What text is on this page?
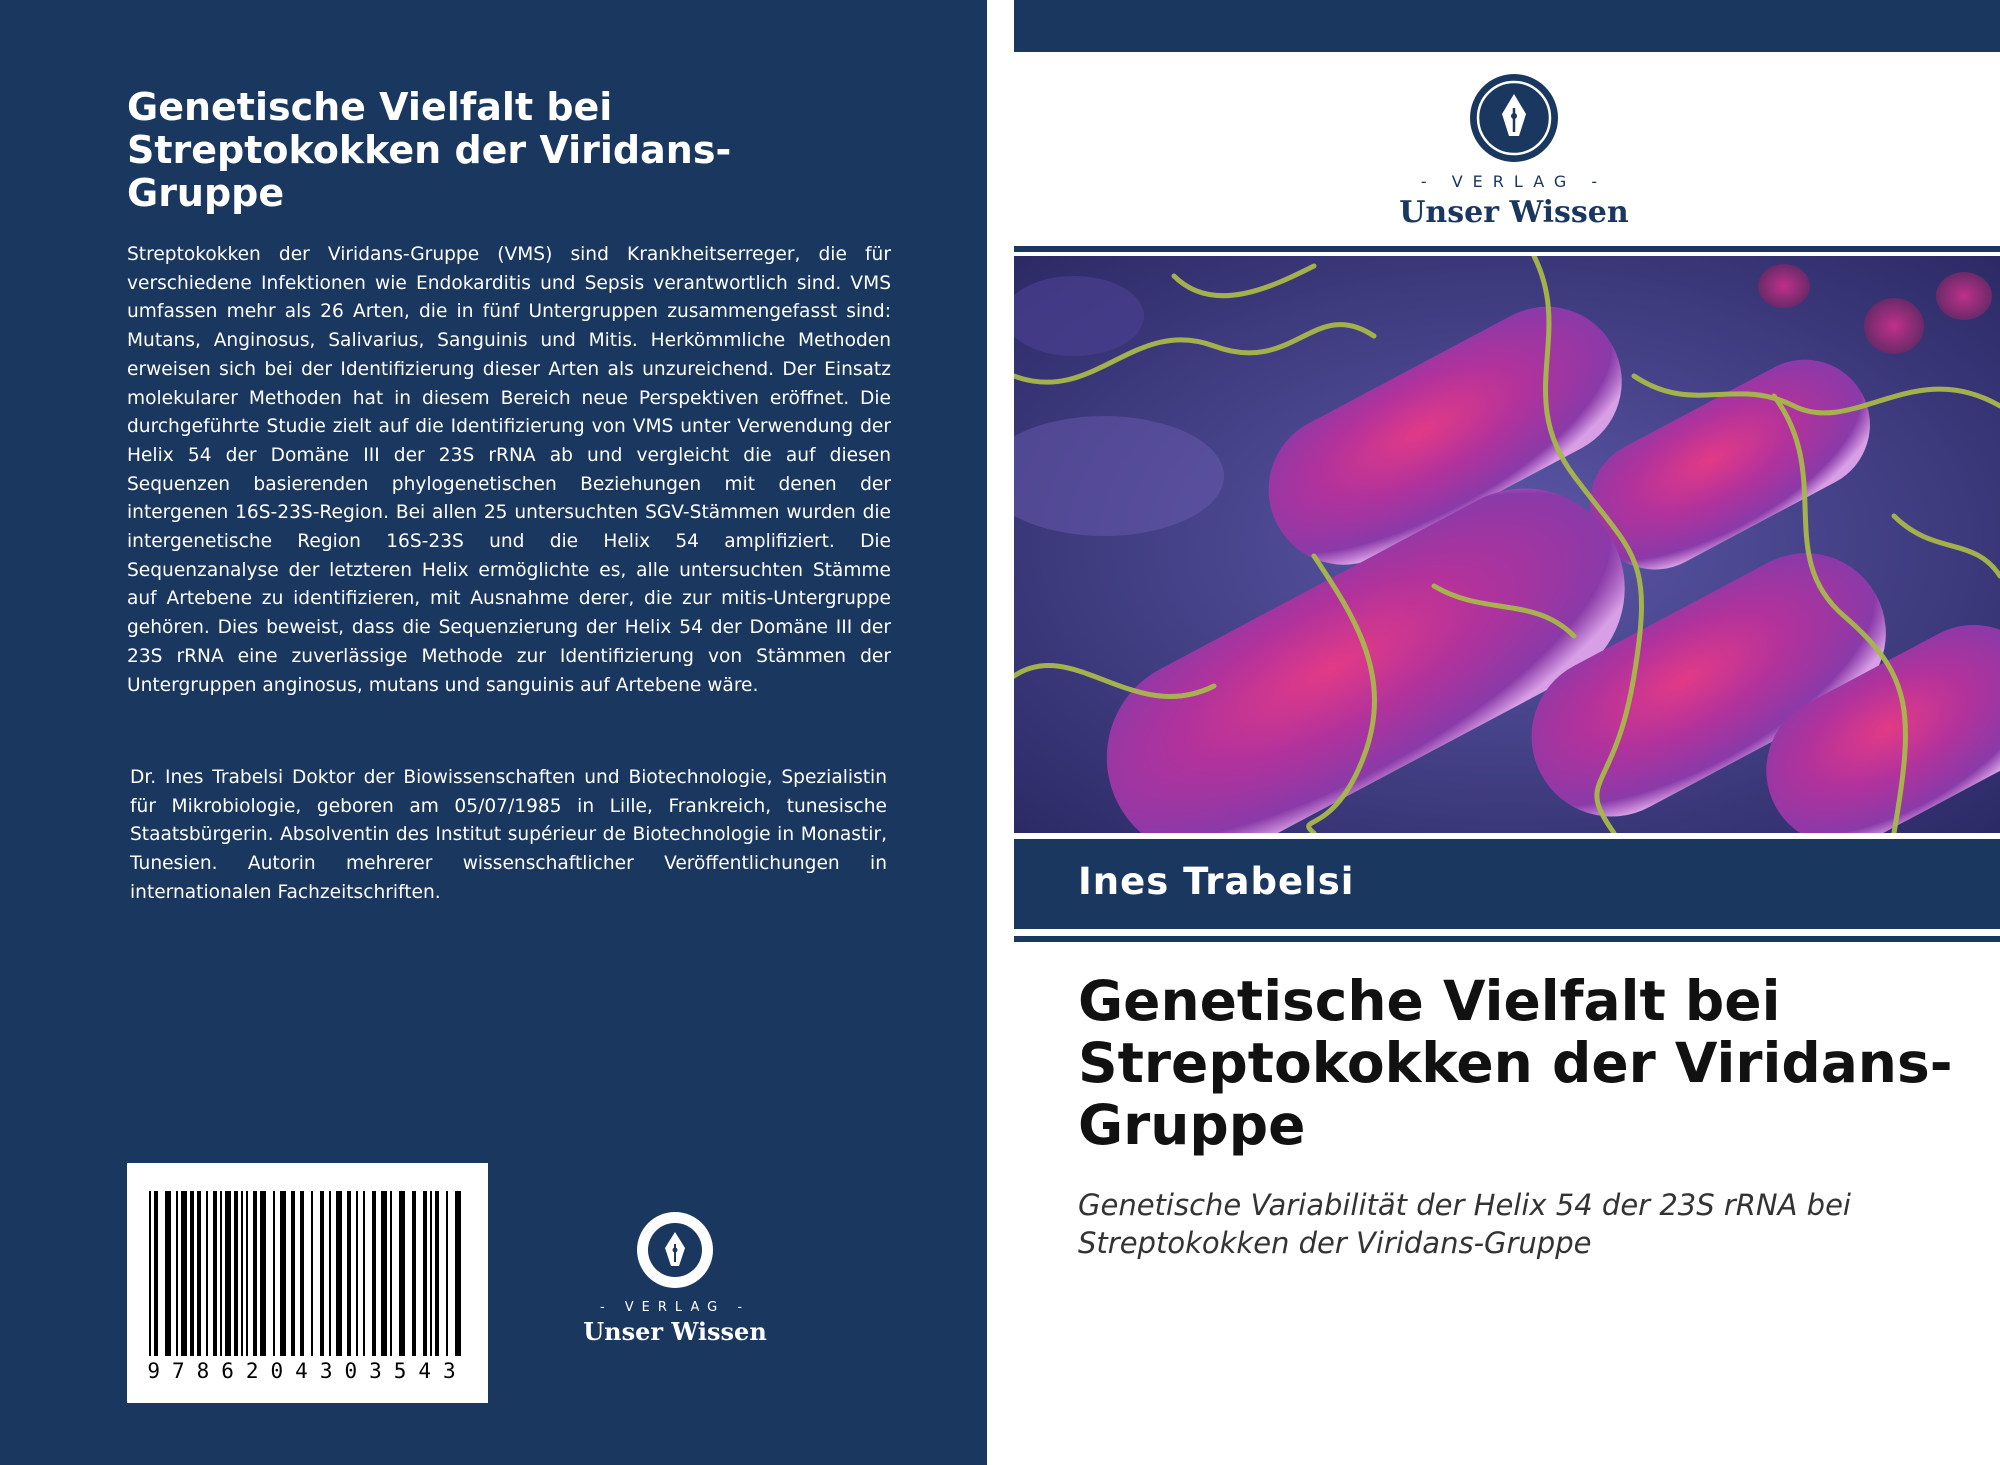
Genetische Vielfalt bei Streptokokken der Viridans-Gruppe

Streptokokken der Viridans-Gruppe (VMS) sind Krankheitserreger, die für verschiedene Infektionen wie Endokarditis und Sepsis verantwortlich sind. VMS umfassen mehr als 26 Arten, die in fünf Untergruppen zusammengefasst sind: Mutans, Anginosus, Salivarius, Sanguinis und Mitis. Herkömmliche Methoden erweisen sich bei der Identifizierung dieser Arten als unzureichend. Der Einsatz molekularer Methoden hat in diesem Bereich neue Perspektiven eröffnet. Die durchgeführte Studie zielt auf die Identifizierung von VMS unter Verwendung der Helix 54 der Domäne III der 23S rRNA ab und vergleicht die auf diesen Sequenzen basierenden phylogenetischen Beziehungen mit denen der intergenen 16S-23S-Region. Bei allen 25 untersuchten SGV-Stämmen wurden die intergenetische Region 16S-23S und die Helix 54 amplifiziert. Die Sequenzanalyse der letzteren Helix ermöglichte es, alle untersuchten Stämme auf Artebene zu identifizieren, mit Ausnahme derer, die zur mitis-Untergruppe gehören. Dies beweist, dass die Sequenzierung der Helix 54 der Domäne III der 23S rRNA eine zuverlässige Methode zur Identifizierung von Stämmen der Untergruppen anginosus, mutans und sanguinis auf Artebene wäre.

Dr. Ines Trabelsi Doktor der Biowissenschaften und Biotechnologie, Spezialistin für Mikrobiologie, geboren am 05/07/1985 in Lille, Frankreich, tunesische Staatsbürgerin. Absolventin des Institut supérieur de Biotechnologie in Monastir, Tunesien. Autorin mehrerer wissenschaftlicher Veröffentlichungen in internationalen Fachzeitschriften.

9786204303543
- VERLAG -
Unser Wissen
- VERLAG -
Unser Wissen
Ines Trabelsi
Genetische Vielfalt bei Streptokokken der Viridans-Gruppe
Genetische Variabilität der Helix 54 der 23S rRNA bei Streptokokken der Viridans-Gruppe
